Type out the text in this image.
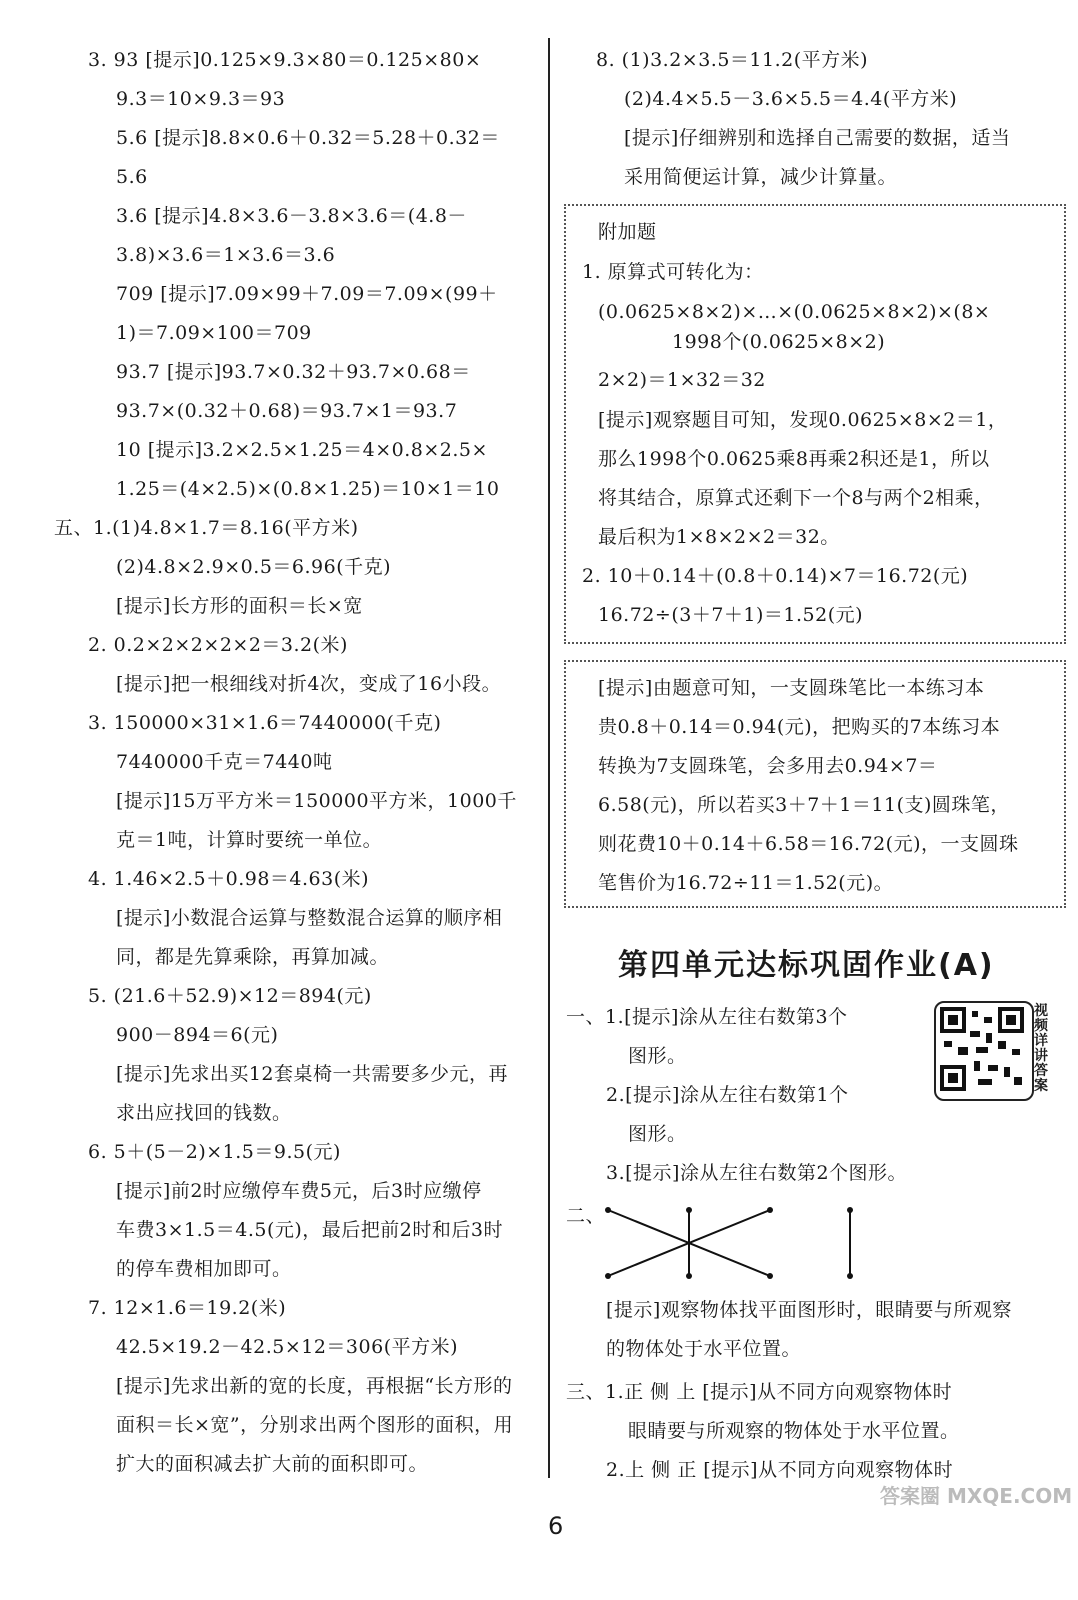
3. 93 [提示]0.125×9.3×80＝0.125×80×
9.3＝10×9.3＝93
5.6 [提示]8.8×0.6＋0.32＝5.28＋0.32＝
5.6
3.6 [提示]4.8×3.6－3.8×3.6＝(4.8－
3.8)×3.6＝1×3.6＝3.6
709 [提示]7.09×99＋7.09＝7.09×(99＋
1)＝7.09×100＝709
93.7 [提示]93.7×0.32＋93.7×0.68＝
93.7×(0.32＋0.68)＝93.7×1＝93.7
10 [提示]3.2×2.5×1.25＝4×0.8×2.5×
1.25＝(4×2.5)×(0.8×1.25)＝10×1＝10
五、1.(1)4.8×1.7＝8.16(平方米)
(2)4.8×2.9×0.5＝6.96(千克)
[提示]长方形的面积＝长×宽
2. 0.2×2×2×2×2＝3.2(米)
[提示]把一根细线对折4次，变成了16小段。
3. 150000×31×1.6＝7440000(千克)
7440000千克＝7440吨
[提示]15万平方米＝150000平方米，1000千
克＝1吨，计算时要统一单位。
4. 1.46×2.5＋0.98＝4.63(米)
[提示]小数混合运算与整数混合运算的顺序相
同，都是先算乘除，再算加减。
5. (21.6＋52.9)×12＝894(元)
900－894＝6(元)
[提示]先求出买12套桌椅一共需要多少元，再
求出应找回的钱数。
6. 5＋(5－2)×1.5＝9.5(元)
[提示]前2时应缴停车费5元，后3时应缴停
车费3×1.5＝4.5(元)，最后把前2时和后3时
的停车费相加即可。
7. 12×1.6＝19.2(米)
42.5×19.2－42.5×12＝306(平方米)
[提示]先求出新的宽的长度，再根据“长方形的
面积＝长×宽”，分别求出两个图形的面积，用
扩大的面积减去扩大前的面积即可。
8. (1)3.2×3.5＝11.2(平方米)
(2)4.4×5.5－3.6×5.5＝4.4(平方米)
[提示]仔细辨别和选择自己需要的数据，适当
采用简便运计算，减少计算量。
附加题
1. 原算式可转化为：
(0.0625×8×2)×…×(0.0625×8×2)×(8×
1998个(0.0625×8×2)
2×2)＝1×32＝32
[提示]观察题目可知，发现0.0625×8×2＝1，
那么1998个0.0625乘8再乘2积还是1，所以
将其结合，原算式还剩下一个8与两个2相乘，
最后积为1×8×2×2＝32。
2. 10＋0.14＋(0.8＋0.14)×7＝16.72(元)
16.72÷(3＋7＋1)＝1.52(元)
[提示]由题意可知，一支圆珠笔比一本练习本
贵0.8＋0.14＝0.94(元)，把购买的7本练习本
转换为7支圆珠笔，会多用去0.94×7＝
6.58(元)，所以若买3＋7＋1＝11(支)圆珠笔，
则花费10＋0.14＋6.58＝16.72(元)，一支圆珠
笔售价为16.72÷11＝1.52(元)。
一、1.[提示]涂从左往右数第3个
图形。
2.[提示]涂从左往右数第1个
图形。
3.[提示]涂从左往右数第2个图形。
二、
[提示]观察物体找平面图形时，眼睛要与所观察
的物体处于水平位置。
三、1.正 侧 上 [提示]从不同方向观察物体时
眼睛要与所观察的物体处于水平位置。
2.上 侧 正 [提示]从不同方向观察物体时
第四单元达标巩固作业(A)
视频详讲答案
6
答案圈 MXQE.COM
